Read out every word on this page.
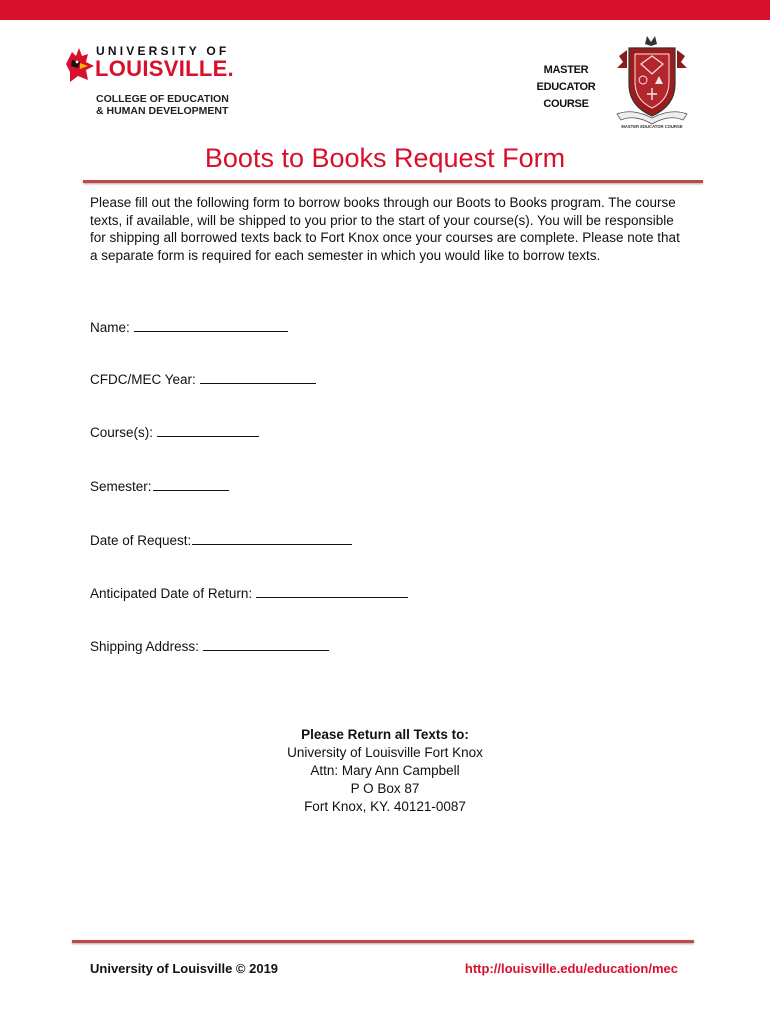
UNIVERSITY OF
LOUISVILLE.
COLLEGE OF EDUCATION
& HUMAN DEVELOPMENT
MASTER
EDUCATOR
COURSE
MASTER EDUCATOR COURSE
Boots to Books Request Form
Please fill out the following form to borrow books through our Boots to Books program. The course texts, if available, will be shipped to you prior to the start of your course(s). You will be responsible for shipping all borrowed texts back to Fort Knox once your courses are complete. Please note that a separate form is required for each semester in which you would like to borrow texts.
Name:
CFDC/MEC Year:
Course(s):
Semester:
Date of Request:
Anticipated Date of Return:
Shipping Address:
Please Return all Texts to:
University of Louisville Fort Knox
Attn: Mary Ann Campbell
P O Box 87
Fort Knox, KY. 40121-0087
University of Louisville © 2019	http://louisville.edu/education/mec
